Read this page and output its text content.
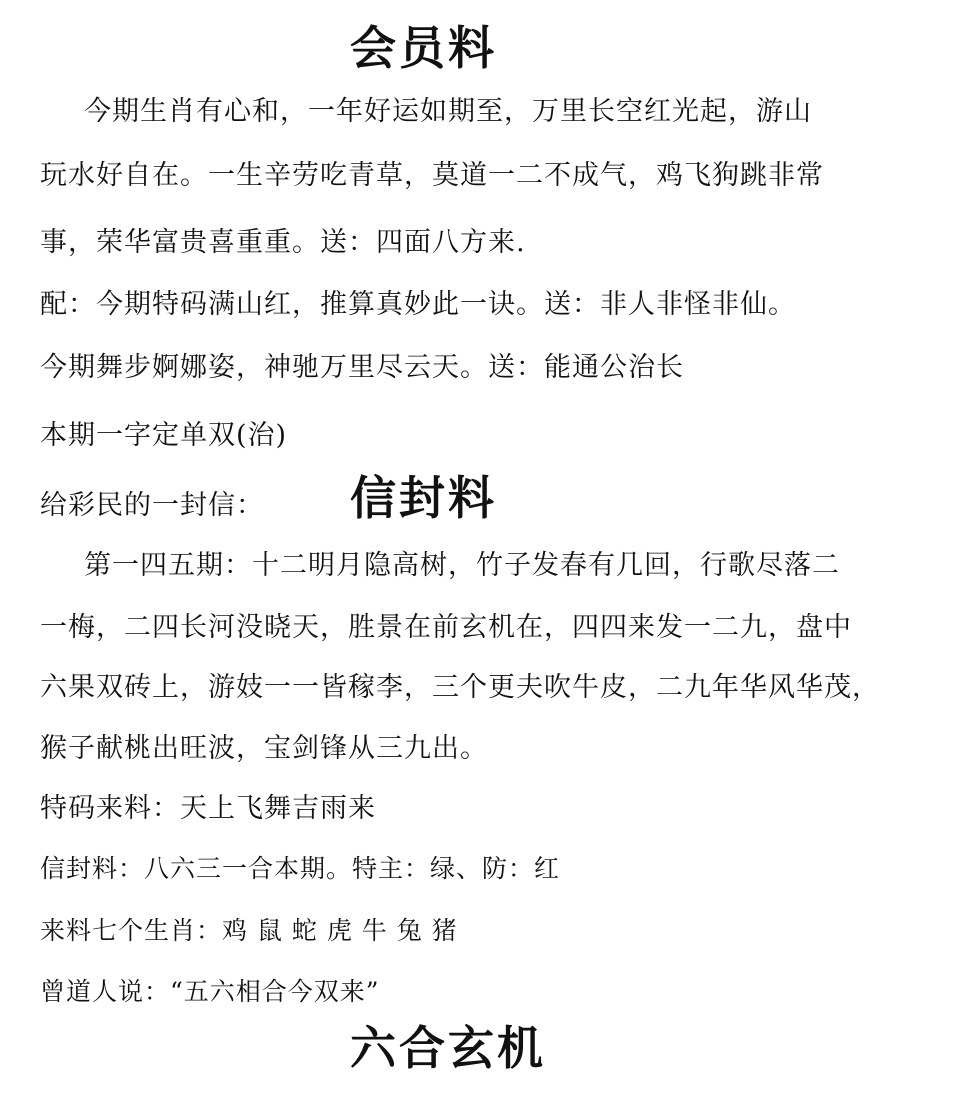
会员料
今期生肖有心和，一年好运如期至，万里长空红光起，游山
玩水好自在。一生辛劳吃青草，莫道一二不成气，鸡飞狗跳非常
事，荣华富贵喜重重。送：四面八方来.
配：今期特码满山红，推算真妙此一诀。送：非人非怪非仙。
今期舞步婀娜姿，神驰万里尽云天。送：能通公治长
本期一字定单双(治)
给彩民的一封信：	信封料
第一四五期：十二明月隐高树，竹子发春有几回，行歌尽落二
一梅，二四长河没晓天，胜景在前玄机在，四四来发一二九，盘中
六果双砖上，游妓一一皆稼李，三个更夫吹牛皮，二九年华风华茂，
猴子献桃出旺波，宝剑锋从三九出。
特码来料：天上飞舞吉雨来
信封料：八六三一合本期。特主：绿、防：红
来料七个生肖：鸡 鼠 蛇 虎 牛 兔 猪
曾道人说：“五六相合今双来”
六合玄机
